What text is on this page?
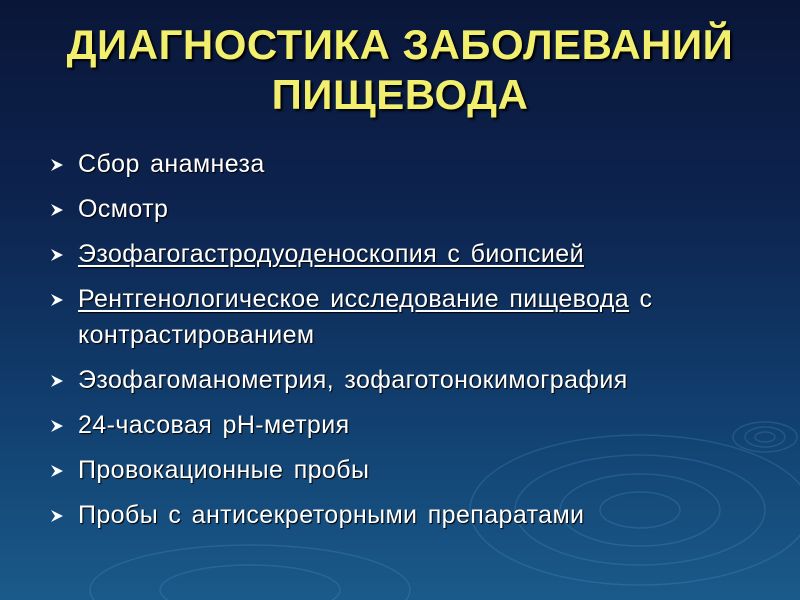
ДИАГНОСТИКА ЗАБОЛЕВАНИЙ
ПИЩЕВОДА
Сбор анамнеза
Осмотр
Эзофагогастродуоденоскопия с биопсией
Рентгенологическое исследование пищевода с контрастированием
Эзофагоманометрия, зофаготонокимография
24-часовая рН-метрия
Провокационные пробы
Пробы с антисекреторными препаратами
